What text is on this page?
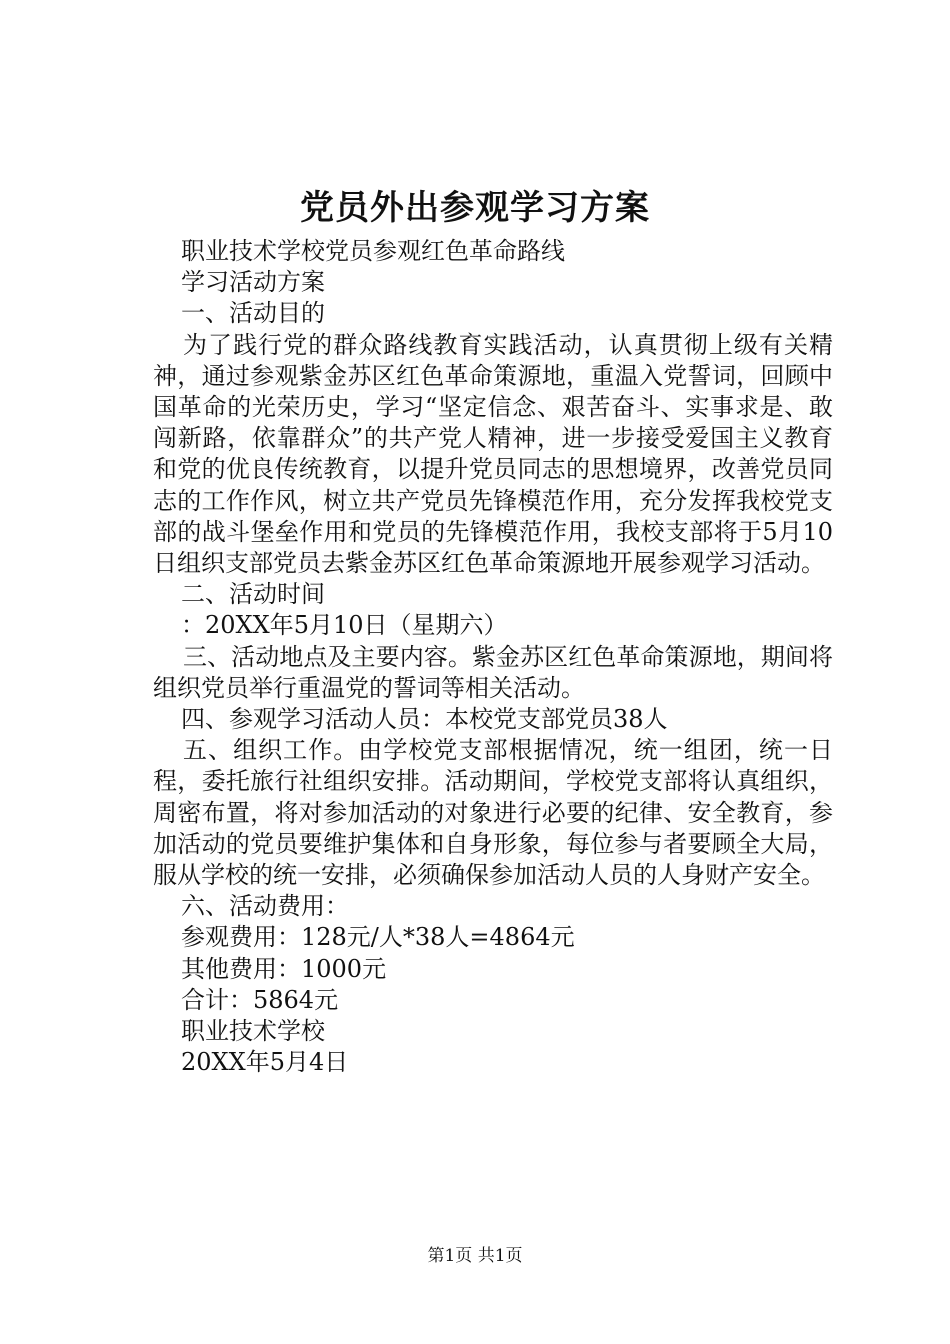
党员外出参观学习方案

职业技术学校党员参观红色革命路线

学习活动方案

一、活动目的

为了践行党的群众路线教育实践活动，认真贯彻上级有关精神，通过参观紫金苏区红色革命策源地，重温入党誓词，回顾中国革命的光荣历史，学习“坚定信念、艰苦奋斗、实事求是、敢闯新路，依靠群众”的共产党人精神，进一步接受爱国主义教育和党的优良传统教育，以提升党员同志的思想境界，改善党员同志的工作作风，树立共产党员先锋模范作用，充分发挥我校党支部的战斗堡垒作用和党员的先锋模范作用，我校支部将于5月10日组织支部党员去紫金苏区红色革命策源地开展参观学习活动。

二、活动时间

：20XX年5月10日（星期六）

三、活动地点及主要内容。紫金苏区红色革命策源地，期间将组织党员举行重温党的誓词等相关活动。

四、参观学习活动人员：本校党支部党员38人

五、组织工作。由学校党支部根据情况，统一组团，统一日程，委托旅行社组织安排。活动期间，学校党支部将认真组织，周密布置，将对参加活动的对象进行必要的纪律、安全教育，参加活动的党员要维护集体和自身形象，每位参与者要顾全大局，服从学校的统一安排，必须确保参加活动人员的人身财产安全。

六、活动费用：

参观费用：128元/人*38人=4864元

其他费用：1000元

合计：5864元

职业技术学校

20XX年5月4日

第1页 共1页
